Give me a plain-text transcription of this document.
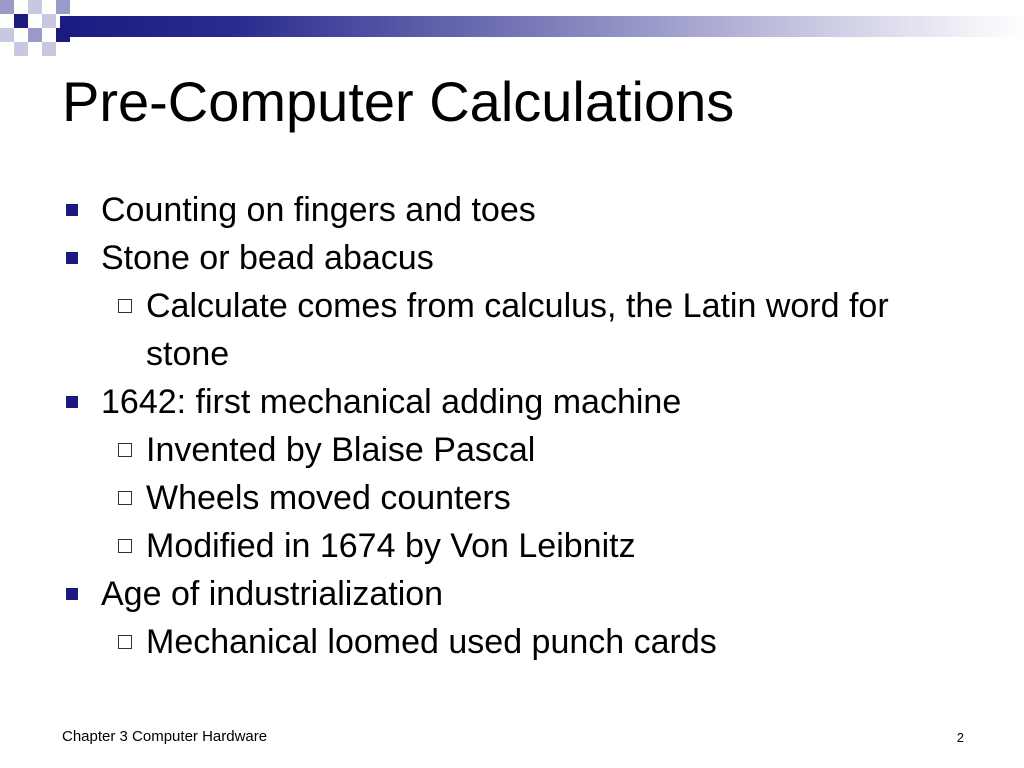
Pre-Computer Calculations
Counting on fingers and toes
Stone or bead abacus
Calculate comes from calculus, the Latin word for stone
1642: first mechanical adding machine
Invented by Blaise Pascal
Wheels moved counters
Modified in 1674 by Von Leibnitz
Age of industrialization
Mechanical loomed used punch cards
Chapter 3 Computer Hardware	2
